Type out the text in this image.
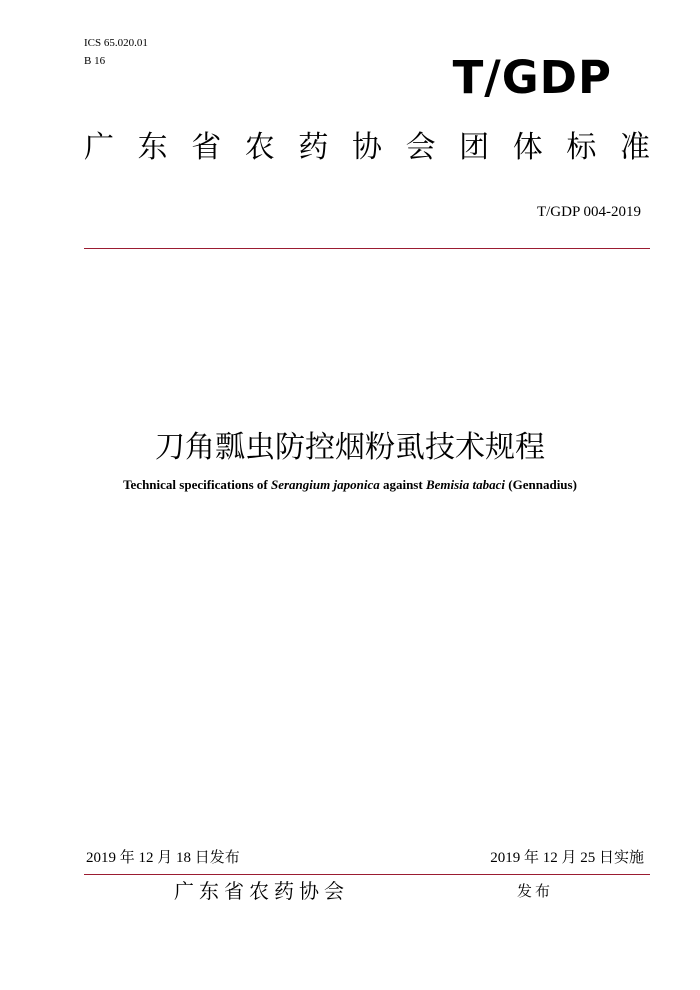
ICS 65.020.01
B 16	T/GDP
广 东 省 农 药 协 会 团 体 标 准
T/GDP 004-2019
刀角瓢虫防控烟粉虱技术规程
Technical specifications of Serangium japonica against Bemisia tabaci (Gennadius)
2019 年 12 月 18 日发布	2019 年 12 月 25 日实施
广东省农药协会	发布
